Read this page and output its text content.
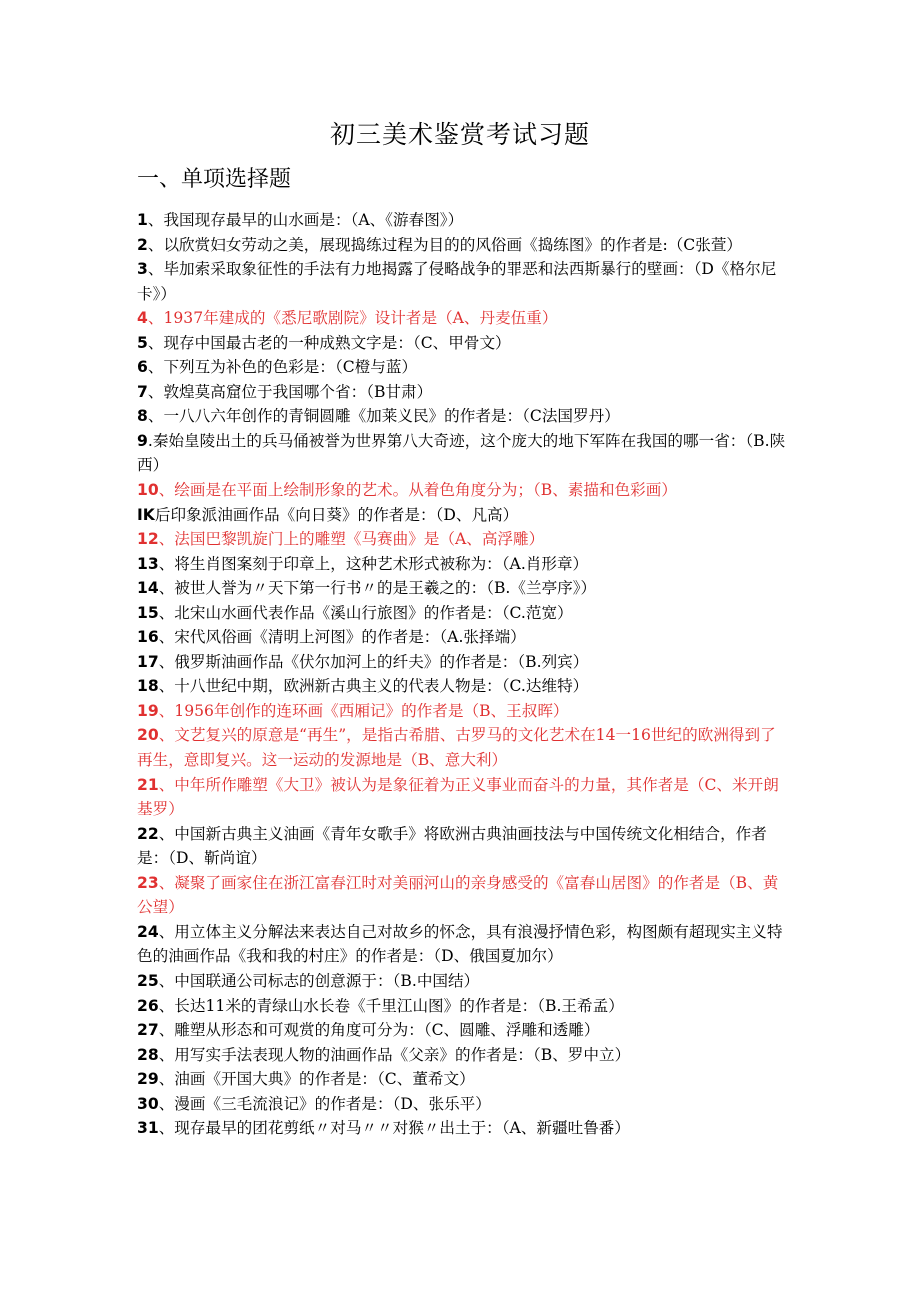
初三美术鉴赏考试习题
一、单项选择题
1、我国现存最早的山水画是：（A、《游春图》）
2、以欣赏妇女劳动之美，展现捣练过程为目的的风俗画《捣练图》的作者是:（C张萱）
3、毕加索采取象征性的手法有力地揭露了侵略战争的罪恶和法西斯暴行的壁画：（D《格尔尼卡》）
4、1937年建成的《悉尼歌剧院》设计者是（A、丹麦伍重）
5、现存中国最古老的一种成熟文字是：（C、甲骨文）
6、下列互为补色的色彩是：（C橙与蓝）
7、敦煌莫高窟位于我国哪个省：（B甘肃）
8、一八八六年创作的青铜圆雕《加莱义民》的作者是：（C法国罗丹）
9.秦始皇陵出土的兵马俑被誉为世界第八大奇迹，这个庞大的地下军阵在我国的哪一省：（B.陕西）
10、绘画是在平面上绘制形象的艺术。从着色角度分为；（B、素描和色彩画）
IK后印象派油画作品《向日葵》的作者是：（D、凡高）
12、法国巴黎凯旋门上的雕塑《马赛曲》是（A、高浮雕）
13、将生肖图案刻于印章上，这种艺术形式被称为：（A.肖形章）
14、被世人誉为〃天下第一行书〃的是王羲之的：（B.《兰亭序》）
15、北宋山水画代表作品《溪山行旅图》的作者是：（C.范宽）
16、宋代风俗画《清明上河图》的作者是：（A.张择端）
17、俄罗斯油画作品《伏尔加河上的纤夫》的作者是：（B.列宾）
18、十八世纪中期，欧洲新古典主义的代表人物是：（C.达维特）
19、1956年创作的连环画《西厢记》的作者是（B、王叔晖）
20、文艺复兴的原意是“再生”，是指古希腊、古罗马的文化艺术在14一16世纪的欧洲得到了再生，意即复兴。这一运动的发源地是（B、意大利）
21、中年所作雕塑《大卫》被认为是象征着为正义事业而奋斗的力量，其作者是（C、米开朗基罗）
22、中国新古典主义油画《青年女歌手》将欧洲古典油画技法与中国传统文化相结合，作者是：（D、靳尚谊）
23、凝聚了画家住在浙江富春江时对美丽河山的亲身感受的《富春山居图》的作者是（B、黄公望）
24、用立体主义分解法来表达自己对故乡的怀念，具有浪漫抒情色彩，构图颇有超现实主义特色的油画作品《我和我的村庄》的作者是：（D、俄国夏加尔）
25、中国联通公司标志的创意源于：（B.中国结）
26、长达11米的青绿山水长卷《千里江山图》的作者是：（B.王希孟）
27、雕塑从形态和可观赏的角度可分为：（C、圆雕、浮雕和透雕）
28、用写实手法表现人物的油画作品《父亲》的作者是：（B、罗中立）
29、油画《开国大典》的作者是：（C、董希文）
30、漫画《三毛流浪记》的作者是：（D、张乐平）
31、现存最早的团花剪纸〃对马〃〃对猴〃出土于：（A、新疆吐鲁番）
